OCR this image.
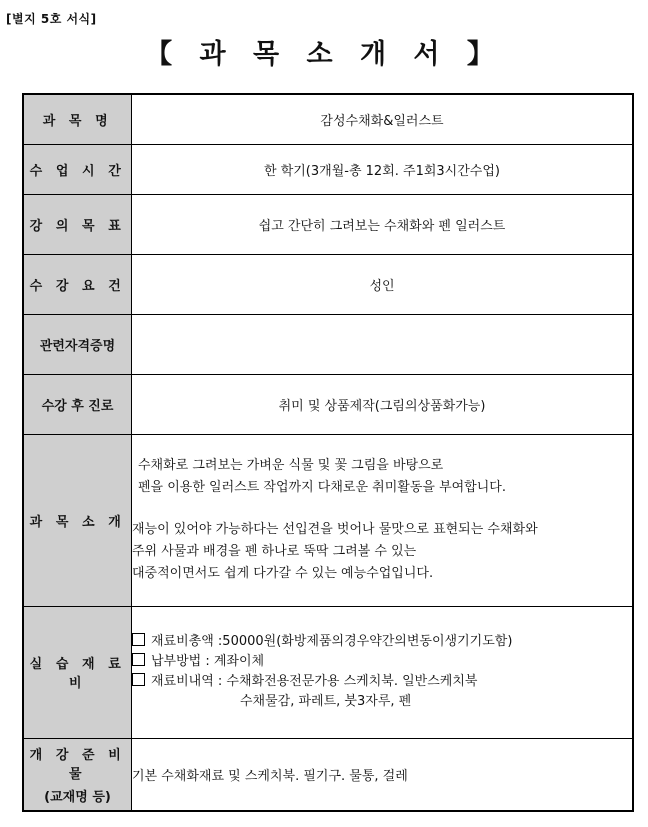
[별지 5호 서식]
【 과 목 소 개 서 】
과 목 명	감성수채화&일러스트
수 업 시 간	한 학기(3개월-총 12회. 주1회3시간수업)
강 의 목 표	쉽고 간단히 그려보는 수채화와 펜 일러스트
수 강 요 건	성인
관련자격증명	
수강 후 진로	취미 및 상품제작(그림의상품화가능)
과 목 소 개	수채화로 그려보는 가벼운 식물 및 꽃 그림을 바탕으로
펜을 이용한 일러스트 작업까지 다채로운 취미활동을 부여합니다.
재능이 있어야 가능하다는 선입견을 벗어나 물맛으로 표현되는 수채화와
주위 사물과 배경을 펜 하나로 뚝딱 그려볼 수 있는
대중적이면서도 쉽게 다가갈 수 있는 예능수업입니다.

실 습 재 료 비	재료비총액 :50000원(화방제품의경우약간의변동이생기기도함)
납부방법 : 계좌이체
재료비내역 : 수채화전용전문가용 스케치북. 일반스케치북
수채물감, 파레트, 붓3자루, 펜

개 강 준 비 물
(교재명 등)	기본 수채화재료 및 스케치북. 필기구. 물통, 걸레
